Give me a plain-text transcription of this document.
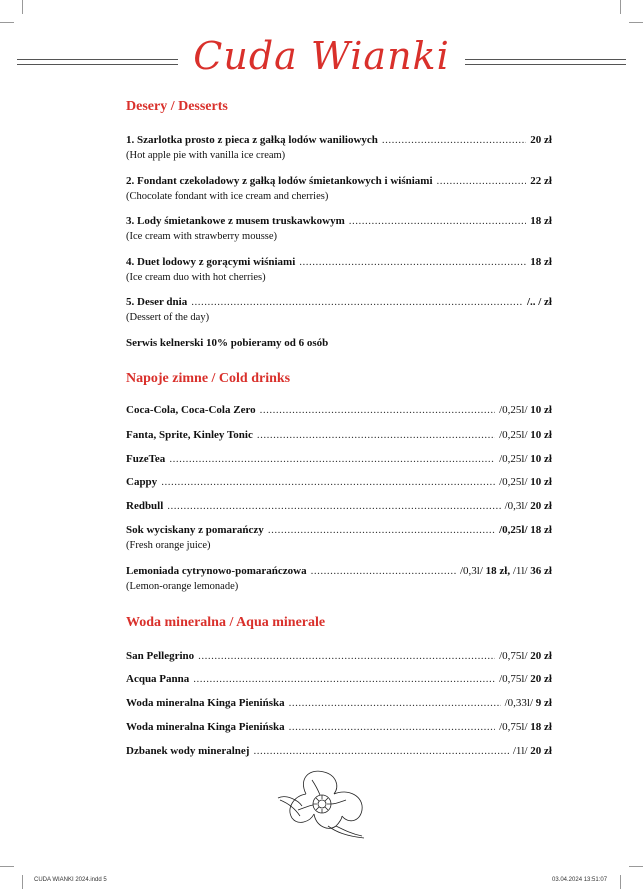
Cuda Wianki
Desery / Desserts
1. Szarlotka prosto z pieca z gałką lodów waniliowych .....	20 zł
(Hot apple pie with vanilla ice cream)
2. Fondant czekoladowy z gałką lodów śmietankowych i wiśniami .....	22 zł
(Chocolate fondant with ice cream and cherries)
3. Lody śmietankowe z musem truskawkowym .....	18 zł
(Ice cream with strawberry mousse)
4. Duet lodowy z gorącymi wiśniami .....	18 zł
(Ice cream duo with hot cherries)
5. Deser dnia .....	/.. / zł
(Dessert of the day)
Serwis kelnerski 10% pobieramy od 6 osób
Napoje zimne / Cold drinks
Coca-Cola, Coca-Cola Zero .....	/0,25l/ 10 zł
Fanta, Sprite, Kinley Tonic .....	/0,25l/ 10 zł
FuzeTea .....	/0,25l/ 10 zł
Cappy .....	/0,25l/ 10 zł
Redbull .....	/0,3l/ 20 zł
Sok wyciskany z pomarańczy .....	/0,25l/ 18 zł
(Fresh orange juice)
Lemoniada cytrynowo-pomarańczowa .....	/0,3l/ 18 zł, /1l/ 36 zł
(Lemon-orange lemonade)
Woda mineralna / Aqua minerale
San Pellegrino .....	/0,75l/ 20 zł
Acqua Panna .....	/0,75l/ 20 zł
Woda mineralna Kinga Pienińska .....	/0,33l/ 9 zł
Woda mineralna Kinga Pienińska .....	/0,75l/ 18 zł
Dzbanek wody mineralnej .....	/1l/ 20 zł
CUDA WIANKI 2024.indd 5	03.04.2024 13:51:07
